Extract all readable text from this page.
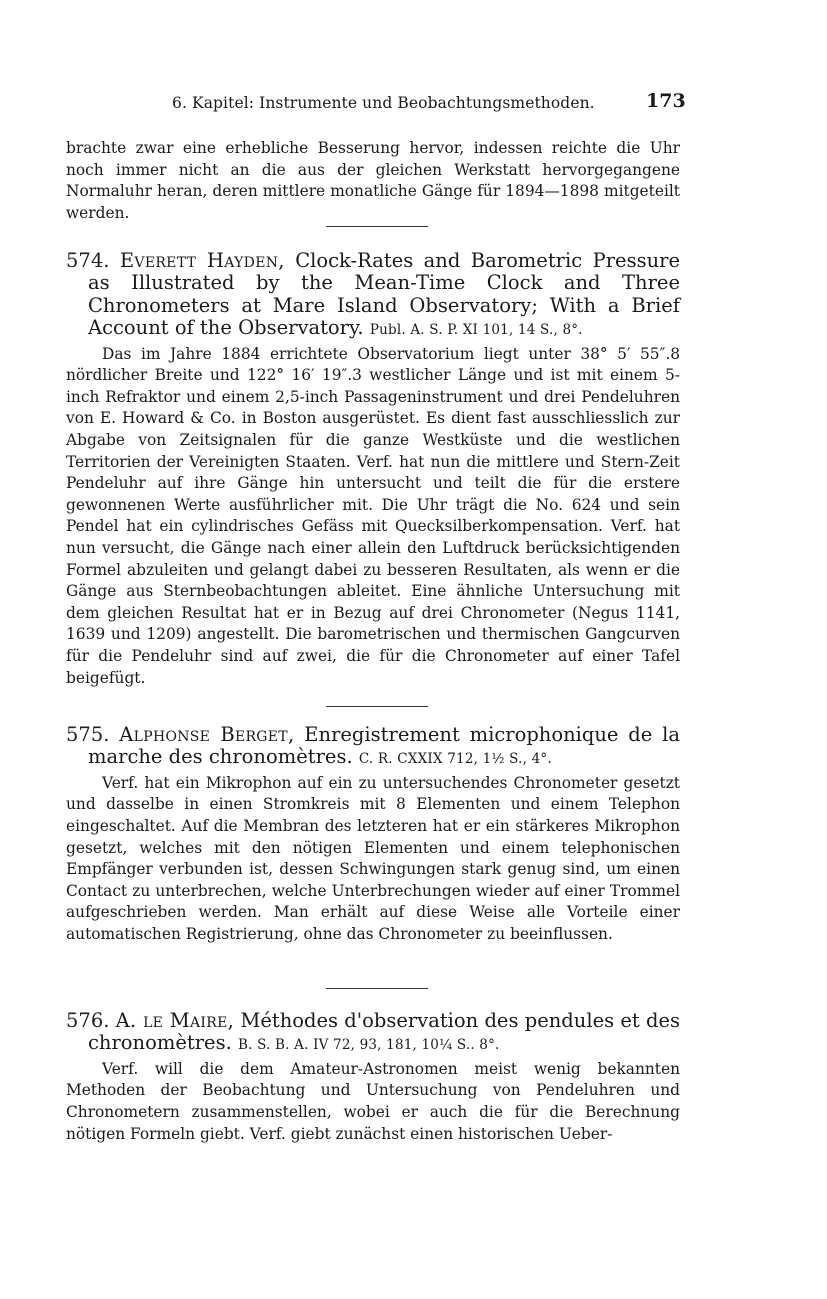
6. Kapitel: Instrumente und Beobachtungsmethoden.	173

brachte zwar eine erhebliche Besserung hervor, indessen reichte die Uhr noch immer nicht an die aus der gleichen Werkstatt hervorgegangene Normaluhr heran, deren mittlere monatliche Gänge für 1894—1898 mitgeteilt werden.

574. Everett Hayden, Clock-Rates and Barometric Pressure as Illustrated by the Mean-Time Clock and Three Chronometers at Mare Island Observatory; With a Brief Account of the Observatory. Publ. A. S. P. XI 101, 14 S., 8°.

Das im Jahre 1884 errichtete Observatorium liegt unter 38° 5′ 55″.8 nördlicher Breite und 122° 16′ 19″.3 westlicher Länge und ist mit einem 5-inch Refraktor und einem 2,5-inch Passageninstrument und drei Pendeluhren von E. Howard & Co. in Boston ausgerüstet. Es dient fast ausschliesslich zur Abgabe von Zeitsignalen für die ganze Westküste und die westlichen Territorien der Vereinigten Staaten. Verf. hat nun die mittlere und Stern-Zeit Pendeluhr auf ihre Gänge hin untersucht und teilt die für die erstere gewonnenen Werte ausführlicher mit. Die Uhr trägt die No. 624 und sein Pendel hat ein cylindrisches Gefäss mit Quecksilberkompensation. Verf. hat nun versucht, die Gänge nach einer allein den Luftdruck berücksichtigenden Formel abzuleiten und gelangt dabei zu besseren Resultaten, als wenn er die Gänge aus Sternbeobachtungen ableitet. Eine ähnliche Untersuchung mit dem gleichen Resultat hat er in Bezug auf drei Chronometer (Negus 1141, 1639 und 1209) angestellt. Die barometrischen und thermischen Gangcurven für die Pendeluhr sind auf zwei, die für die Chronometer auf einer Tafel beigefügt.

575. Alphonse Berget, Enregistrement microphonique de la marche des chronomètres. C. R. CXXIX 712, 1½ S., 4°.

Verf. hat ein Mikrophon auf ein zu untersuchendes Chronometer gesetzt und dasselbe in einen Stromkreis mit 8 Elementen und einem Telephon eingeschaltet. Auf die Membran des letzteren hat er ein stärkeres Mikrophon gesetzt, welches mit den nötigen Elementen und einem telephonischen Empfänger verbunden ist, dessen Schwingungen stark genug sind, um einen Contact zu unterbrechen, welche Unterbrechungen wieder auf einer Trommel aufgeschrieben werden. Man erhält auf diese Weise alle Vorteile einer automatischen Registrierung, ohne das Chronometer zu beeinflussen.

576. A. le Maire, Méthodes d'observation des pendules et des chronomètres. B. S. B. A. IV 72, 93, 181, 10¼ S.. 8°.

Verf. will die dem Amateur-Astronomen meist wenig bekannten Methoden der Beobachtung und Untersuchung von Pendeluhren und Chronometern zusammenstellen, wobei er auch die für die Berechnung nötigen Formeln giebt. Verf. giebt zunächst einen historischen Ueber-
